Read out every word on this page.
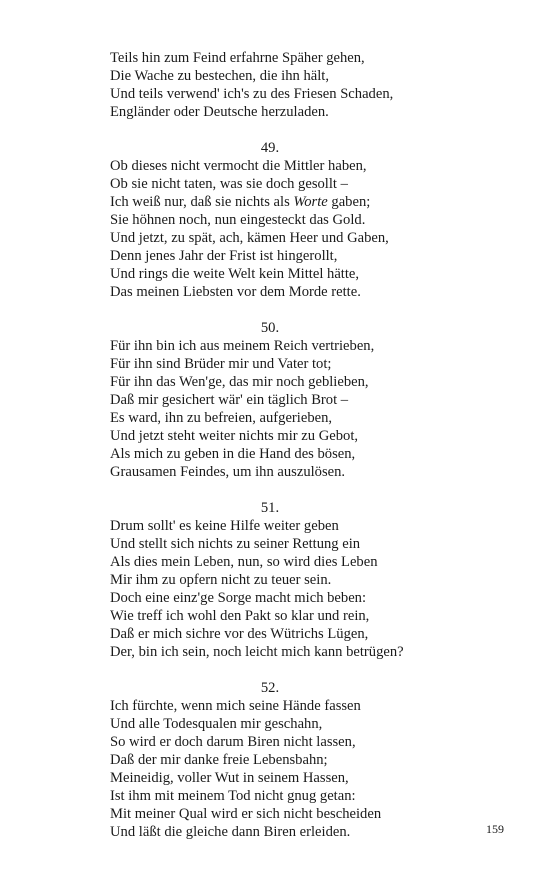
Teils hin zum Feind erfahrne Späher gehen,
Die Wache zu bestechen, die ihn hält,
Und teils verwend' ich's zu des Friesen Schaden,
Engländer oder Deutsche herzuladen.
49.
Ob dieses nicht vermocht die Mittler haben,
Ob sie nicht taten, was sie doch gesollt –
Ich weiß nur, daß sie nichts als Worte gaben;
Sie höhnen noch, nun eingesteckt das Gold.
Und jetzt, zu spät, ach, kämen Heer und Gaben,
Denn jenes Jahr der Frist ist hingerollt,
Und rings die weite Welt kein Mittel hätte,
Das meinen Liebsten vor dem Morde rette.
50.
Für ihn bin ich aus meinem Reich vertrieben,
Für ihn sind Brüder mir und Vater tot;
Für ihn das Wen'ge, das mir noch geblieben,
Daß mir gesichert wär' ein täglich Brot –
Es ward, ihn zu befreien, aufgerieben,
Und jetzt steht weiter nichts mir zu Gebot,
Als mich zu geben in die Hand des bösen,
Grausamen Feindes, um ihn auszulösen.
51.
Drum sollt' es keine Hilfe weiter geben
Und stellt sich nichts zu seiner Rettung ein
Als dies mein Leben, nun, so wird dies Leben
Mir ihm zu opfern nicht zu teuer sein.
Doch eine einz'ge Sorge macht mich beben:
Wie treff ich wohl den Pakt so klar und rein,
Daß er mich sichre vor des Wütrichs Lügen,
Der, bin ich sein, noch leicht mich kann betrügen?
52.
Ich fürchte, wenn mich seine Hände fassen
Und alle Todesqualen mir geschahn,
So wird er doch darum Biren nicht lassen,
Daß der mir danke freie Lebensbahn;
Meineidig, voller Wut in seinem Hassen,
Ist ihm mit meinem Tod nicht gnug getan:
Mit meiner Qual wird er sich nicht bescheiden
Und läßt die gleiche dann Biren erleiden.	159
